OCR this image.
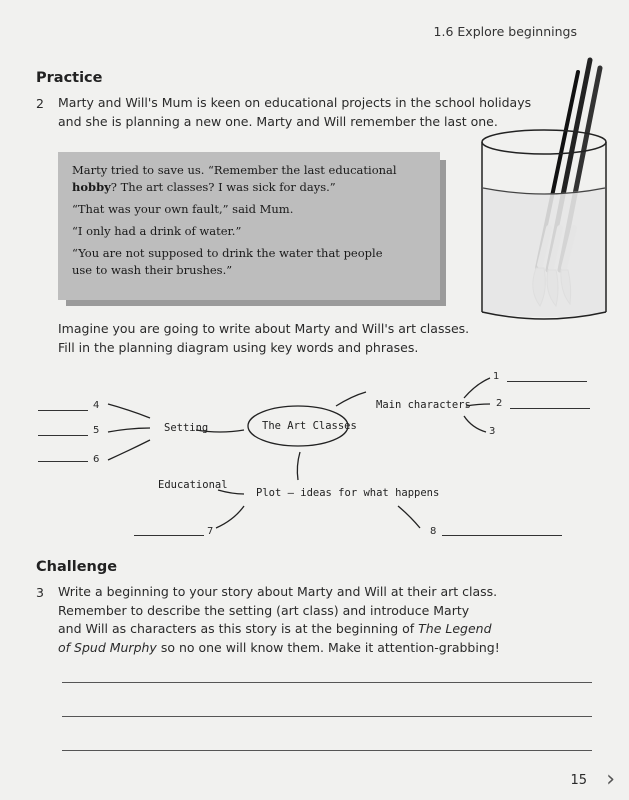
1.6 Explore beginnings
Practice
2 Marty and Will's Mum is keen on educational projects in the school holidays
and she is planning a new one. Marty and Will remember the last one.

Marty tried to save us. “Remember the last educational
hobby? The art classes? I was sick for days.”

“That was your own fault,” said Mum.

“I only had a drink of water.”

“You are not supposed to drink the water that people
use to wash their brushes.”

Imagine you are going to write about Marty and Will's art classes.
Fill in the planning diagram using key words and phrases.
The Art Classes
Setting
Main characters
Plot – ideas for what happens
Educational
4
5
6
1
2
3
7	8
Challenge
3 Write a beginning to your story about Marty and Will at their art class.
Remember to describe the setting (art class) and introduce Marty
and Will as characters as this story is at the beginning of The Legend
of Spud Murphy so no one will know them. Make it attention-grabbing!
15 ›
